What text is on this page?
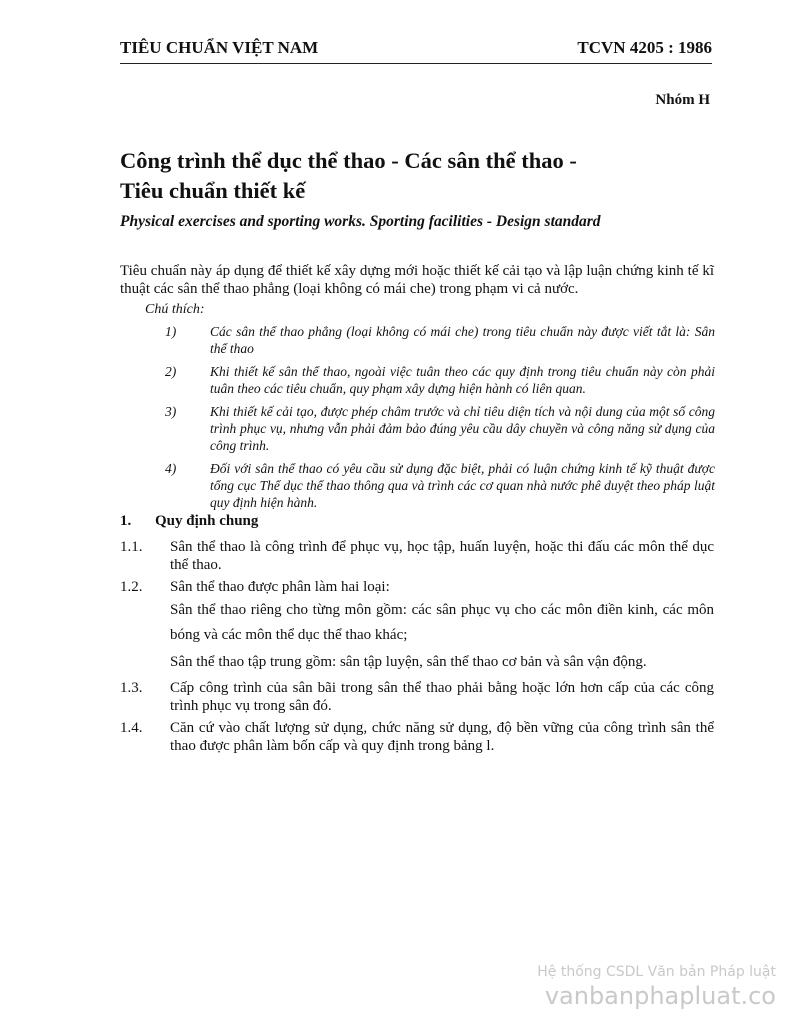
TIÊU CHUẨN VIỆT NAM	TCVN 4205 : 1986
Nhóm H
Công trình thể dục thể thao - Các sân thể thao -
Tiêu chuẩn thiết kế
Physical exercises and sporting works. Sporting facilities - Design standard
Tiêu chuẩn này áp dụng để thiết kế xây dựng mới hoặc thiết kế cải tạo và lập luận chứng kinh tế kĩ thuật các sân thể thao phẳng (loại không có mái che) trong phạm vi cả nước.
Chú thích:
1)	Các sân thể thao phẳng (loại không có mái che) trong tiêu chuẩn này được viết tắt là: Sân thể thao
2)	Khi thiết kế sân thể thao, ngoài việc tuân theo các quy định trong tiêu chuẩn này còn phải tuân theo các tiêu chuẩn, quy phạm xây dựng hiện hành có liên quan.
3)	Khi thiết kế cải tạo, được phép châm trước và chỉ tiêu diện tích và nội dung của một số công trình phục vụ, nhưng vẫn phải đảm bảo đúng yêu cầu dây chuyền và công năng sử dụng của công trình.
4)	Đối với sân thể thao có yêu cầu sử dụng đặc biệt, phải có luận chứng kinh tế kỹ thuật được tổng cục Thể dục thể thao thông qua và trình các cơ quan nhà nước phê duyệt theo pháp luật quy định hiện hành.
1.	Quy định chung
1.1.	Sân thể thao là công trình để phục vụ, học tập, huấn luyện, hoặc thi đấu các môn thể dục thể thao.

1.2.	Sân thể thao được phân làm hai loại:

Sân thể thao riêng cho từng môn gồm: các sân phục vụ cho các môn điền kinh, các môn bóng và các môn thể dục thể thao khác;

Sân thể thao tập trung gồm: sân tập luyện, sân thể thao cơ bản và sân vận động.

1.3.	Cấp công trình của sân bãi trong sân thể thao phải bằng hoặc lớn hơn cấp của các công trình phục vụ trong sân đó.

1.4.	Căn cứ vào chất lượng sử dụng, chức năng sử dụng, độ bền vững của công trình sân thể thao được phân làm bốn cấp và quy định trong bảng l.

Hệ thống CSDL Văn bản Pháp luật
vanbanphapluat.co
